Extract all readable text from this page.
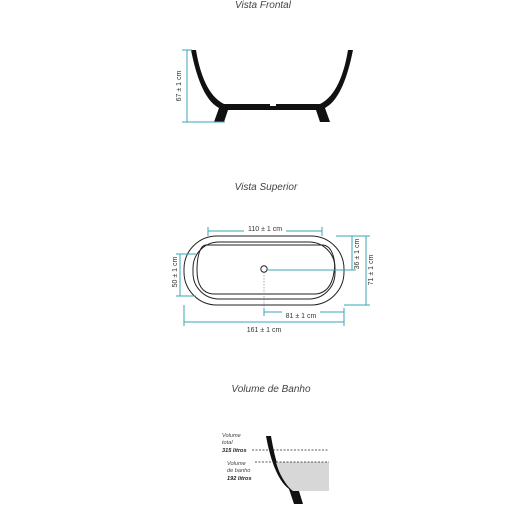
Vista Frontal
67 ± 1 cm
Vista Superior
110 ± 1 cm
50 ± 1 cm
36 ± 1 cm
71 ± 1 cm
81 ± 1 cm
161 ± 1 cm
Volume de Banho
Volume
total
315 litros
Volume
de banho
192 litros
